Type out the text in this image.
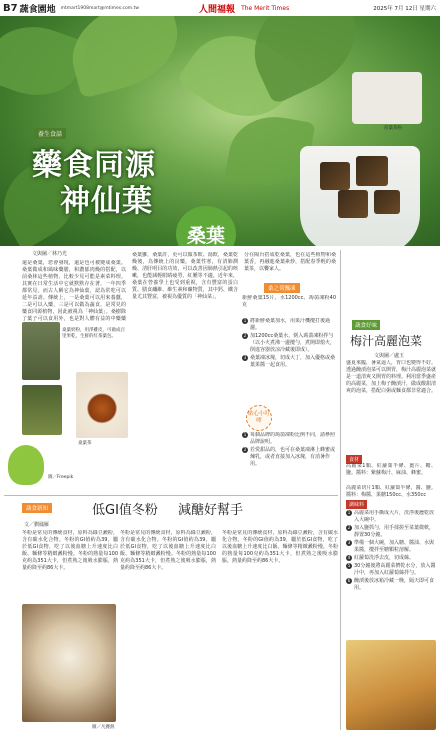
B7 蔬食園地 mtmart1908mart@mtimes.com.tw	人間福報 The Merit Times	2025年 7月 12日 星期六
茴葉茶粉
養生食話
藥食同源
神仙葉
桑葉
文與圖／林乃光
還是桑葉，您會發現，還是也可被變成桑葉。桑葉做成和風味藥膳，和濃郁肉燥的搭配，以前桑林這些植物，比較少見可能是素菜料理。其實在日常生活中它就默默存在著，一年四季都常見。而古人稱它為神仙葉，認為常吃可以延年益壽。傳統上，一是桑葉可以用來養蠶，二是可以入藥，三是可以做為蔬食，是常見的藥食同源植物，因此被視為「神仙葉」。桑樹除了葉子可以食用外，也是對人體有益的中藥藥
桑葉雖，桑葉許，更可以做茶飲、湯飲，桑葉乾燥後，為傳統上的良藥。桑葉性寒，有清肺潤燥、清肝明目的功效，可以改善因肺熱引起的咳嗽，也能減輕眼睛疲勞、紅腫等不適。近年來，桑葉在營養學上也受到重視，含有豐富的蛋白質、膳食纖維、維生素和礦物質，其中鈣、鐵含量尤其豐富，被視為優質的「神仙菜」。
分在陽台搭成乾桑葉，也在這些植物和桑葉香，再融進桑葉素炒，搭配春季輕的桑葉茶，以饗家人。
桑之荷飄凍
新鮮桑葉15片、水1200cc、蒟蒻凍粉40克
1 將新鮮桑葉加水，用果汁機攪打後過濾。
2 加1200cc桑葉水，倒入蒟蒻凍粉拌勻（以小火煮沸一邊攪勻，煮開即熄火，倒進容器放涼冷藏後即成）。
3 桑葉凍冰塊，切成大丁，加入優格或桑葉果醬一起食用。
貼心小叮嚀
1 每個品牌的蒟蒻凍粉比例不同，請參照品牌說明。
2 若愛甜品的，也可在桑葉凍淋上蜂蜜或煉乳，或者直接加入冰塊，有消暑作用。
桑葉奶粉，用淨雞皮，可做成百里果乾，生鮮的紅茶葉包。
桑葉茶
圖／Freepik
蔬食好味
梅汁高麗泡菜
文與圖／盧玉
盛夏來臨，暑氣逼人，胃口也變得不好。透過醃漬泡菜可以開胃，梅汁高麗泡菜就是一道清爽又開胃的料理。利用當季盛產的高麗菜，加上梅子醃漬汁，做成酸甜清爽的泡菜，搭配白粥或麵食都非常適合。
食材
高麗菜1顆、紅蘿蔔半條、薑片、糖、鹽。醬料：紫蘇梅汁、麻油、蜂蜜。
高麗菜切片1顆、紅蘿蔔半條、醬、鹽。醬料：梅醬、果糖150cc、水350cc
調味料
1 高麗菜用手撕成大片，洗淨後瀝乾放入大碗中。
2 加入鹽抓勻，用手揉搓至菜葉微軟，靜置30分鐘。
3 準備一個大碗，加入糖、醬油、水與果醬，攪拌至糖顆粒溶解。
4 紅蘿蔔洗淨去皮，切成絲。
5 30分鐘後將高麗菜擠乾水分，放入醬汁中，再加入紅蘿蔔絲拌勻。
6 醃漬後放冰箱冷藏一晚，隔天即可食用。
蔬食新知	低GI值冬粉 減醣好幫手
文／劉鳳雁
冬粉是常見的傳統食材，原料為綠豆澱粉，含有碳水化合物。冬粉的GI值約為39，屬於低GI食物，吃了以後血糖上升速度比白飯、麵條等精緻澱粉慢。冬粉的熱量每100克約為351大卡，但煮熟之後吸水膨脹，熱量約降至約86大卡。
冬粉是常見的傳統食材，原料為綠豆澱粉，含有碳水化合物。冬粉的GI值約為39，屬於低GI食物，吃了以後血糖上升速度比白飯、麵條等精緻澱粉慢。冬粉的熱量每100克約為351大卡，但煮熟之後吸水膨脹，熱量約降至約86大卡。
冬粉是常見的傳統食材，原料為綠豆澱粉，含有碳水化合物。冬粉的GI值約為39，屬於低GI食物，吃了以後血糖上升速度比白飯、麵條等精緻澱粉慢。冬粉的熱量每100克約為351大卡，但煮熟之後吸水膨脹，熱量約降至約86大卡。
圖／凡賽熱
